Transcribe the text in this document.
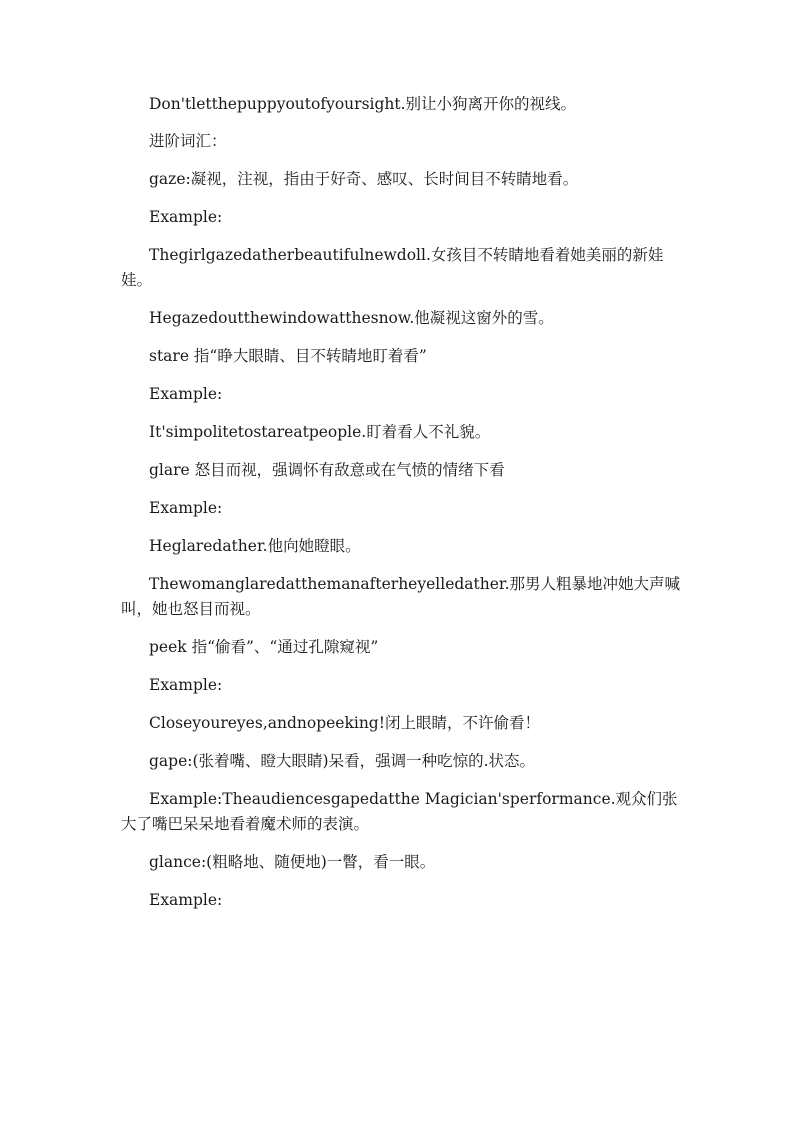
Don'tletthepuppyoutofyoursight.别让小狗离开你的视线。

进阶词汇：

gaze:凝视，注视，指由于好奇、感叹、长时间目不转睛地看。

Example:

Thegirlgazedatherbeautifulnewdoll.女孩目不转睛地看着她美丽的新娃娃。

Hegazedoutthewindowatthesnow.他凝视这窗外的雪。

stare 指“睁大眼睛、目不转睛地盯着看”

Example:

It'simpolitetostareatpeople.盯着看人不礼貌。

glare 怒目而视，强调怀有敌意或在气愤的情绪下看

Example:

Heglaredather.他向她瞪眼。

Thewomanglaredatthemanafterheyelledather.那男人粗暴地冲她大声喊叫，她也怒目而视。

peek 指“偷看”、“通过孔隙窥视”

Example:

Closeyoureyes,andnopeeking!闭上眼睛，不许偷看！

gape:(张着嘴、瞪大眼睛)呆看，强调一种吃惊的.状态。

Example:Theaudiencesgapedatthe Magician'sperformance.观众们张大了嘴巴呆呆地看着魔术师的表演。

glance:(粗略地、随便地)一瞥，看一眼。

Example:
